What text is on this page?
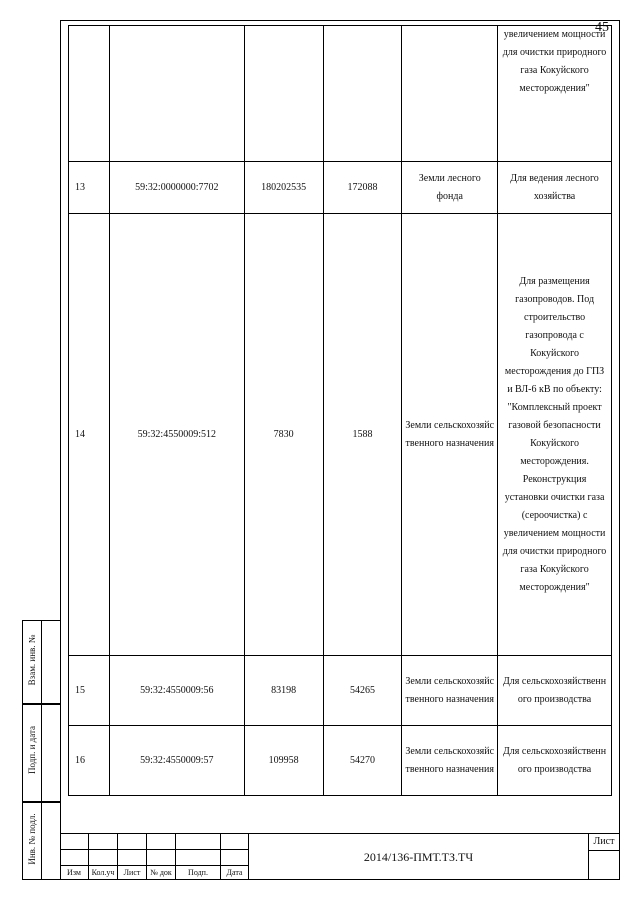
45
Взам. инв. №
Подп. и дата
Инв. № подл.
					увеличением мощности для очистки природного газа Кокуйского месторождения"
13	59:32:0000000:7702	180202535	172088	Земли лесного фонда	Для ведения лесного хозяйства
14	59:32:4550009:512	7830	1588	Земли сельскохозяйственного назначения	Для размещения газопроводов. Под строительство газопровода с Кокуйского месторождения до ГПЗ и ВЛ-6 кВ по объекту: "Комплексный проект газовой безопасности Кокуйского месторождения. Реконструкция установки очистки газа (сероочистка) с увеличением мощности для очистки природного газа Кокуйского месторождения"
15	59:32:4550009:56	83198	54265	Земли сельскохозяйственного назначения	Для сельскохозяйственного производства
16	59:32:4550009:57	109958	54270	Земли сельскохозяйственного назначения	Для сельскохозяйственного производства
Изм	Кол.уч	Лист	№ док	Подп.	Дата
2014/136-ПМТ.ТЗ.ТЧ
Лист
